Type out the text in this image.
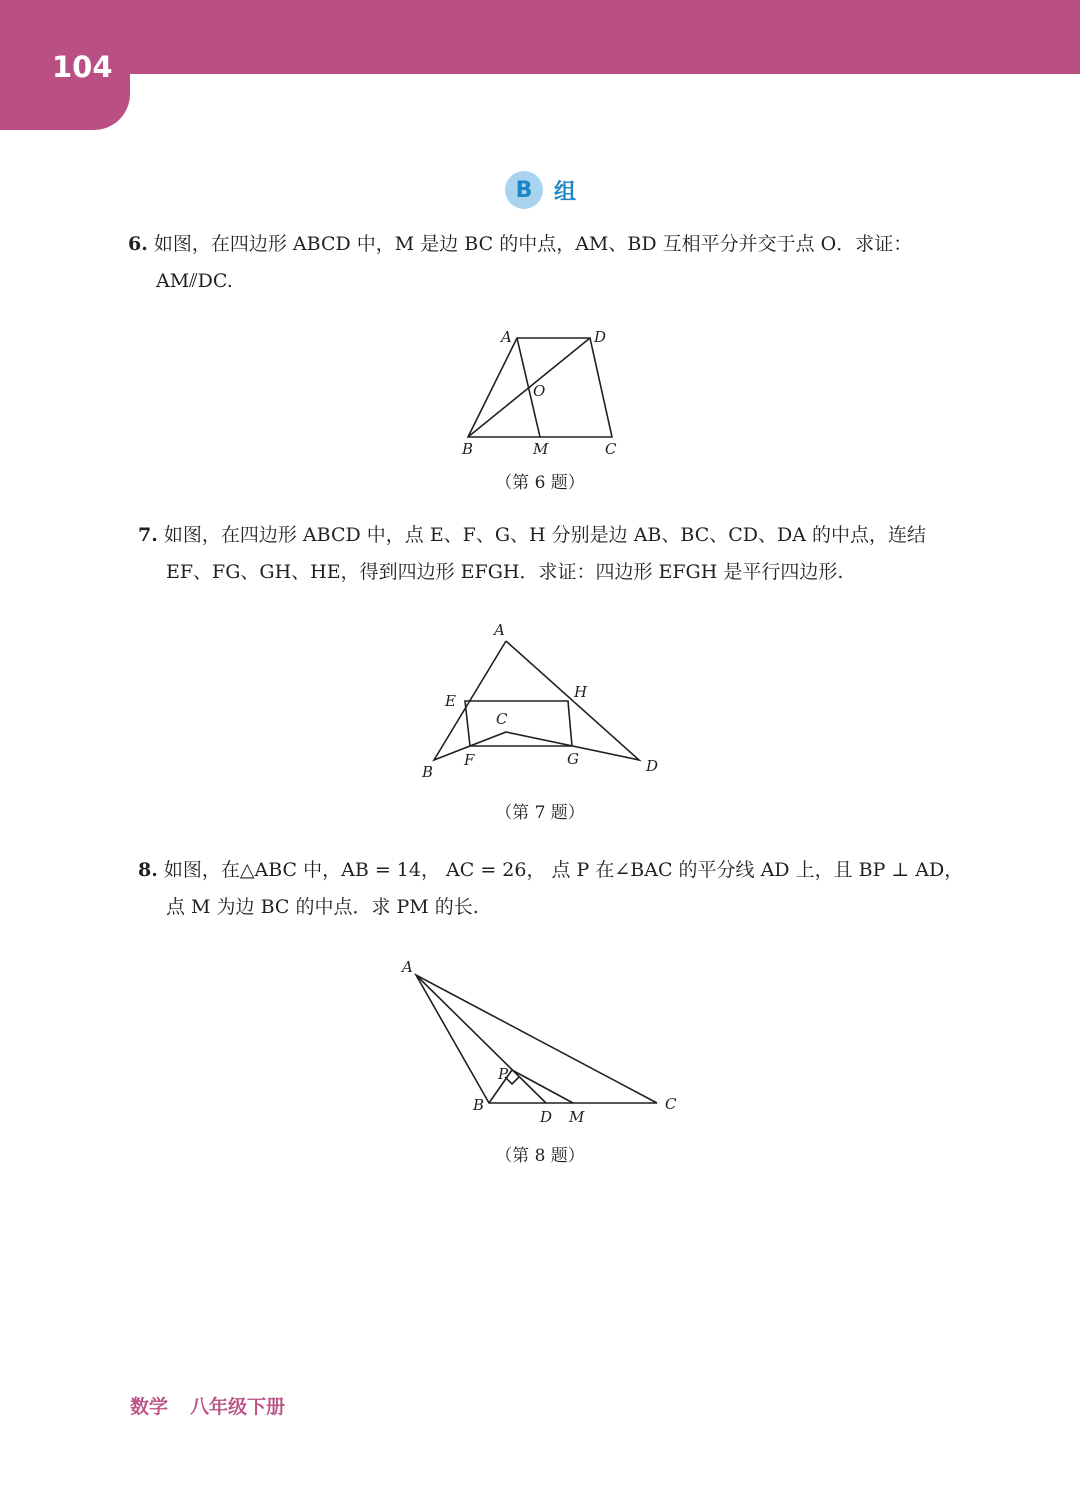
104
B 组
6. 如图，在四边形 ABCD 中，M 是边 BC 的中点，AM、BD 互相平分并交于点 O．求证：
AM⫽DC.
A	D
O
B	M	C
（第 6 题）
7. 如图，在四边形 ABCD 中，点 E、F、G、H 分别是边 AB、BC、CD、DA 的中点，连结
EF、FG、GH、HE，得到四边形 EFGH．求证：四边形 EFGH 是平行四边形.
A
E	H
C
B
F	G	D
（第 7 题）
8. 如图，在△ABC 中，AB = 14， AC = 26， 点 P 在∠BAC 的平分线 AD 上，且 BP ⊥ AD，
点 M 为边 BC 的中点．求 PM 的长.
A
P
B
D M
C
（第 8 题）
数学 八年级下册
